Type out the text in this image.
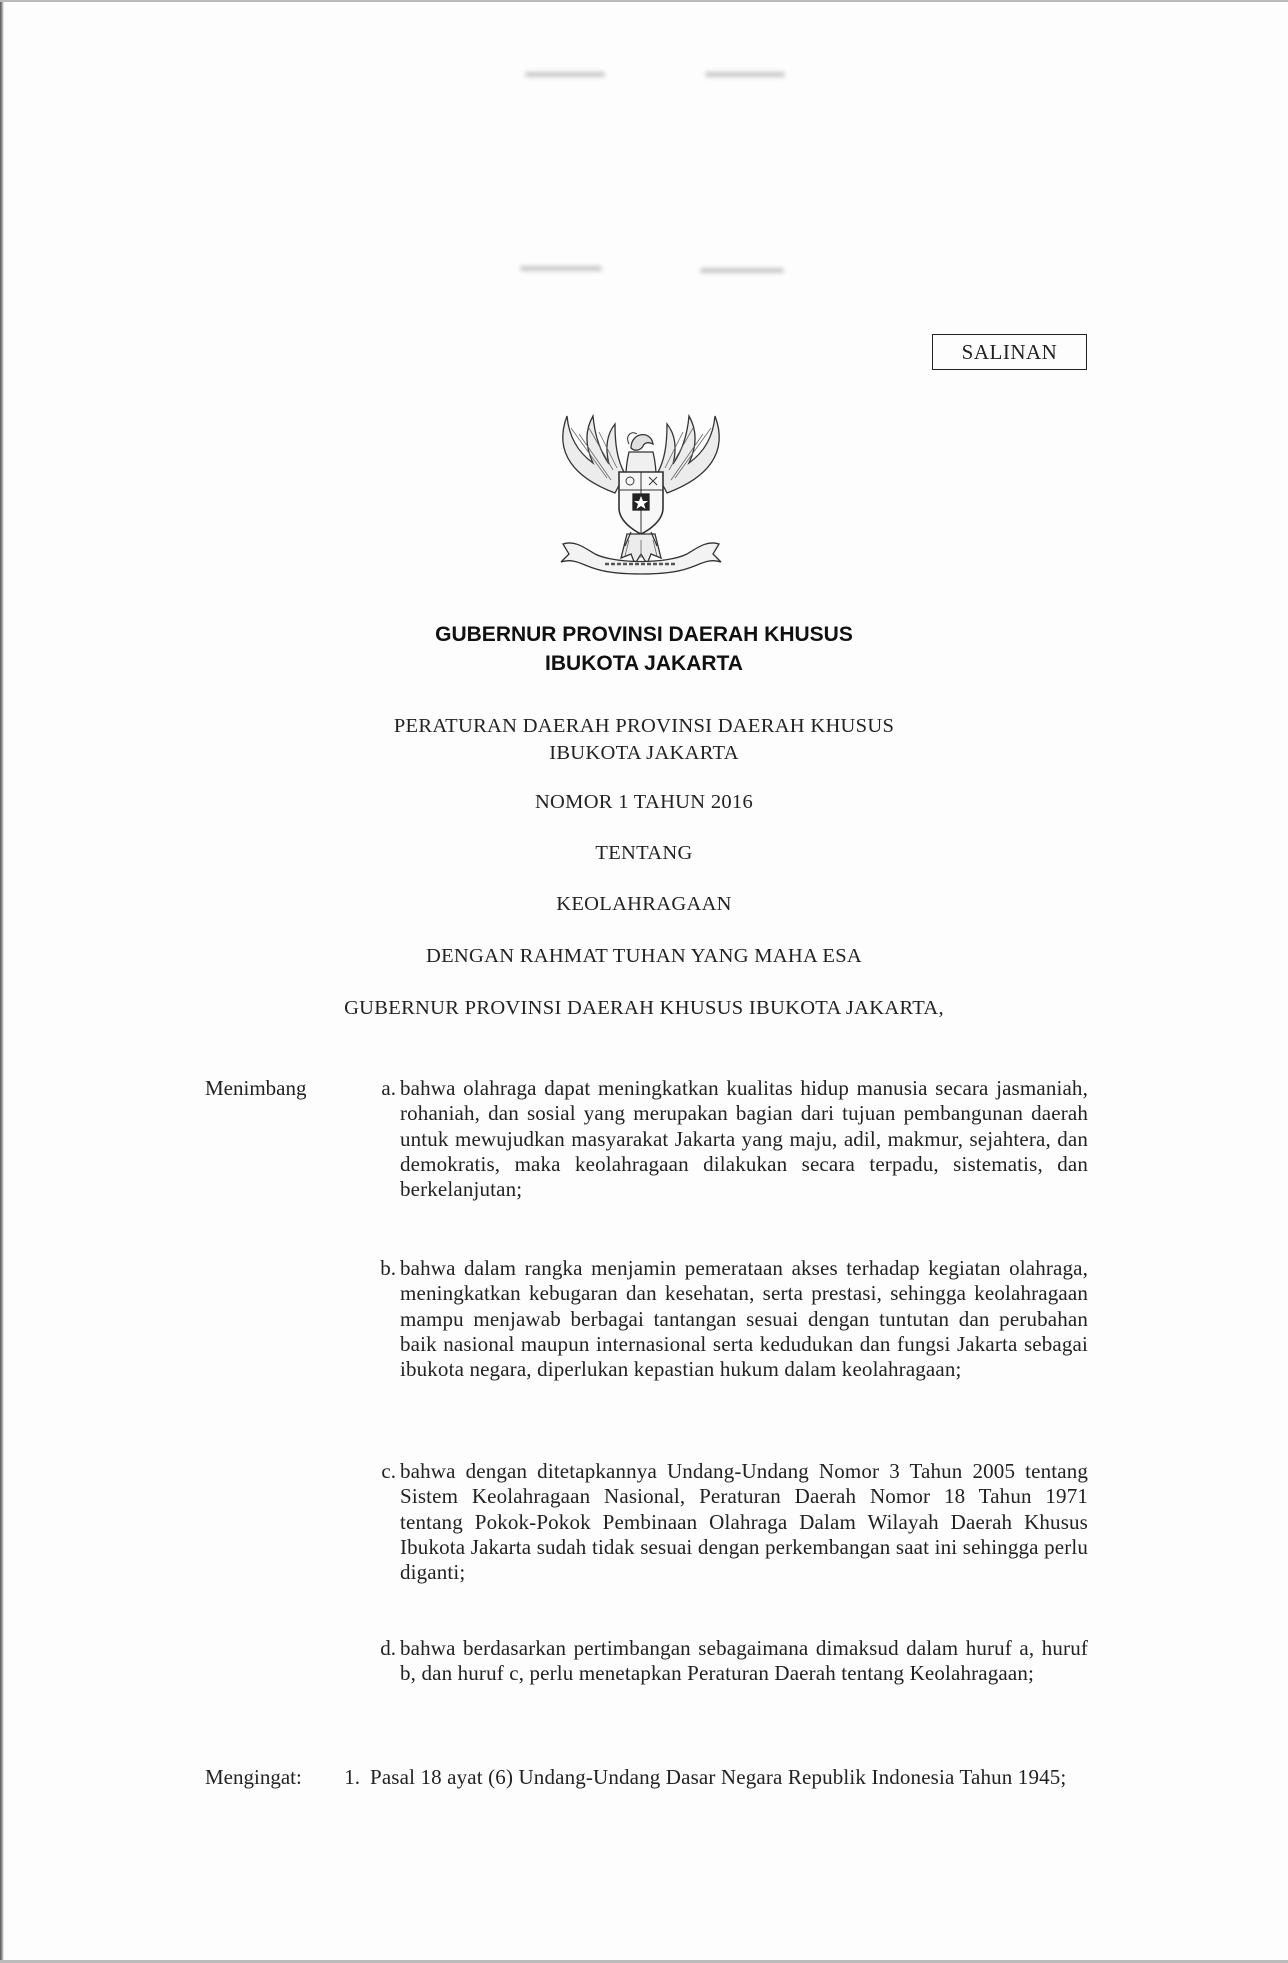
SALINAN
GUBERNUR PROVINSI DAERAH KHUSUS
IBUKOTA JAKARTA
PERATURAN DAERAH PROVINSI DAERAH KHUSUS
IBUKOTA JAKARTA
NOMOR 1 TAHUN 2016
TENTANG
KEOLAHRAGAAN
DENGAN RAHMAT TUHAN YANG MAHA ESA
GUBERNUR PROVINSI DAERAH KHUSUS IBUKOTA JAKARTA,
Menimbang	a. bahwa olahraga dapat meningkatkan kualitas hidup manusia secara jasmaniah, rohaniah, dan sosial yang merupakan bagian dari tujuan pembangunan daerah untuk mewujudkan masyarakat Jakarta yang maju, adil, makmur, sejahtera, dan demokratis, maka keolahragaan dilakukan secara terpadu, sistematis, dan berkelanjutan;
b. bahwa dalam rangka menjamin pemerataan akses terhadap kegiatan olahraga, meningkatkan kebugaran dan kesehatan, serta prestasi, sehingga keolahragaan mampu menjawab berbagai tantangan sesuai dengan tuntutan dan perubahan baik nasional maupun internasional serta kedudukan dan fungsi Jakarta sebagai ibukota negara, diperlukan kepastian hukum dalam keolahragaan;
c. bahwa dengan ditetapkannya Undang-Undang Nomor 3 Tahun 2005 tentang Sistem Keolahragaan Nasional, Peraturan Daerah Nomor 18 Tahun 1971 tentang Pokok-Pokok Pembinaan Olahraga Dalam Wilayah Daerah Khusus Ibukota Jakarta sudah tidak sesuai dengan perkembangan saat ini sehingga perlu diganti;
d. bahwa berdasarkan pertimbangan sebagaimana dimaksud dalam huruf a, huruf b, dan huruf c, perlu menetapkan Peraturan Daerah tentang Keolahragaan;
Mengingat:	1. Pasal 18 ayat (6) Undang-Undang Dasar Negara Republik Indonesia Tahun 1945;
